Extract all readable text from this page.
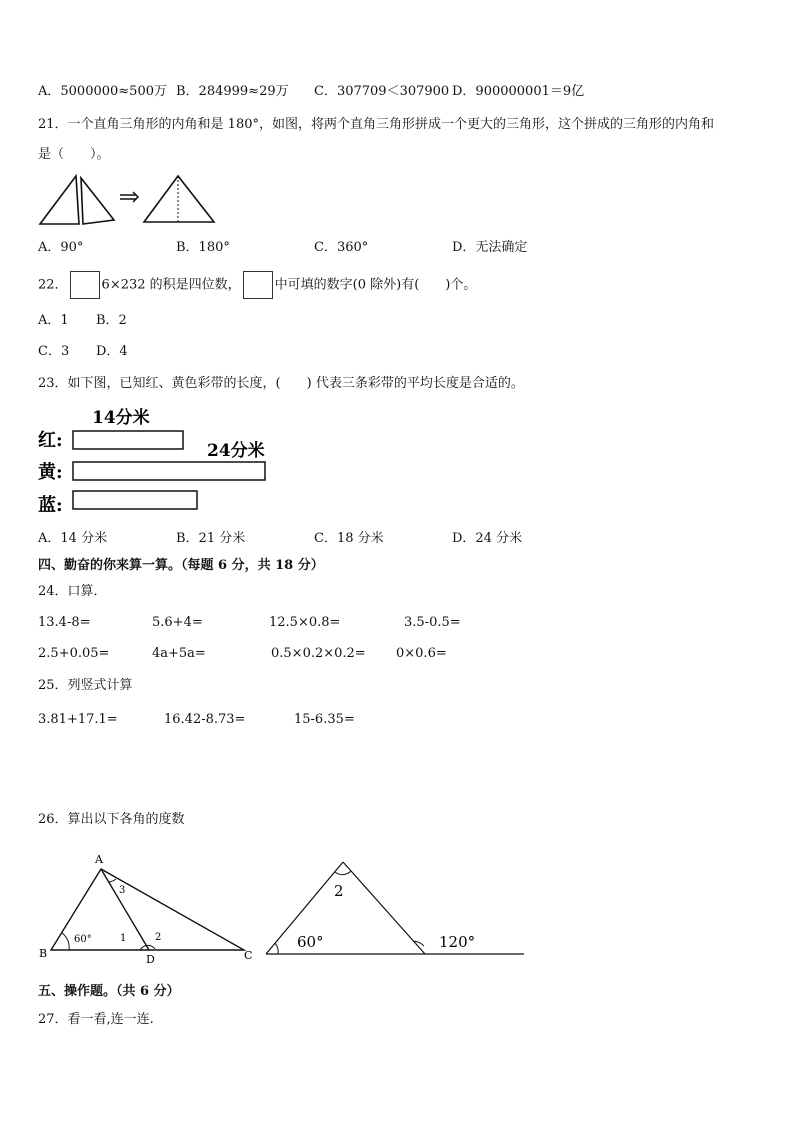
A．5000000≈500万 B．284999≈29万 C．307709＜307900 D．900000001＝9亿
21．一个直角三角形的内角和是 180°，如图，将两个直角三角形拼成一个更大的三角形，这个拼成的三角形的内角和
是（　　）。
A．90°	B．180°	C．360°	D．无法确定
22．	6×232 的积是四位数，	中可填的数字(0 除外)有(　　)个。
A．1 B．2
C．3 D．4
23．如下图，已知红、黄色彩带的长度，(　　) 代表三条彩带的平均长度是合适的。
14分米
24分米
红:
黄:
蓝:
A．14 分米	B．21 分米	C．18 分米	D．24 分米
四、勤奋的你来算一算。（每题 6 分，共 18 分）
24．口算．
13.4-8=	5.6+4=	12.5×0.8=	3.5-0.5=
2.5+0.05=	4a+5a=	0.5×0.2×0.2= 0×0.6=
25．列竖式计算
3.81+17.1=	16.42-8.73=	15-6.35=
26．算出以下各角的度数
A
B	C
D
60°	1	2
3	2
60°	120°
五、操作题。（共 6 分）
27．看一看,连一连.
